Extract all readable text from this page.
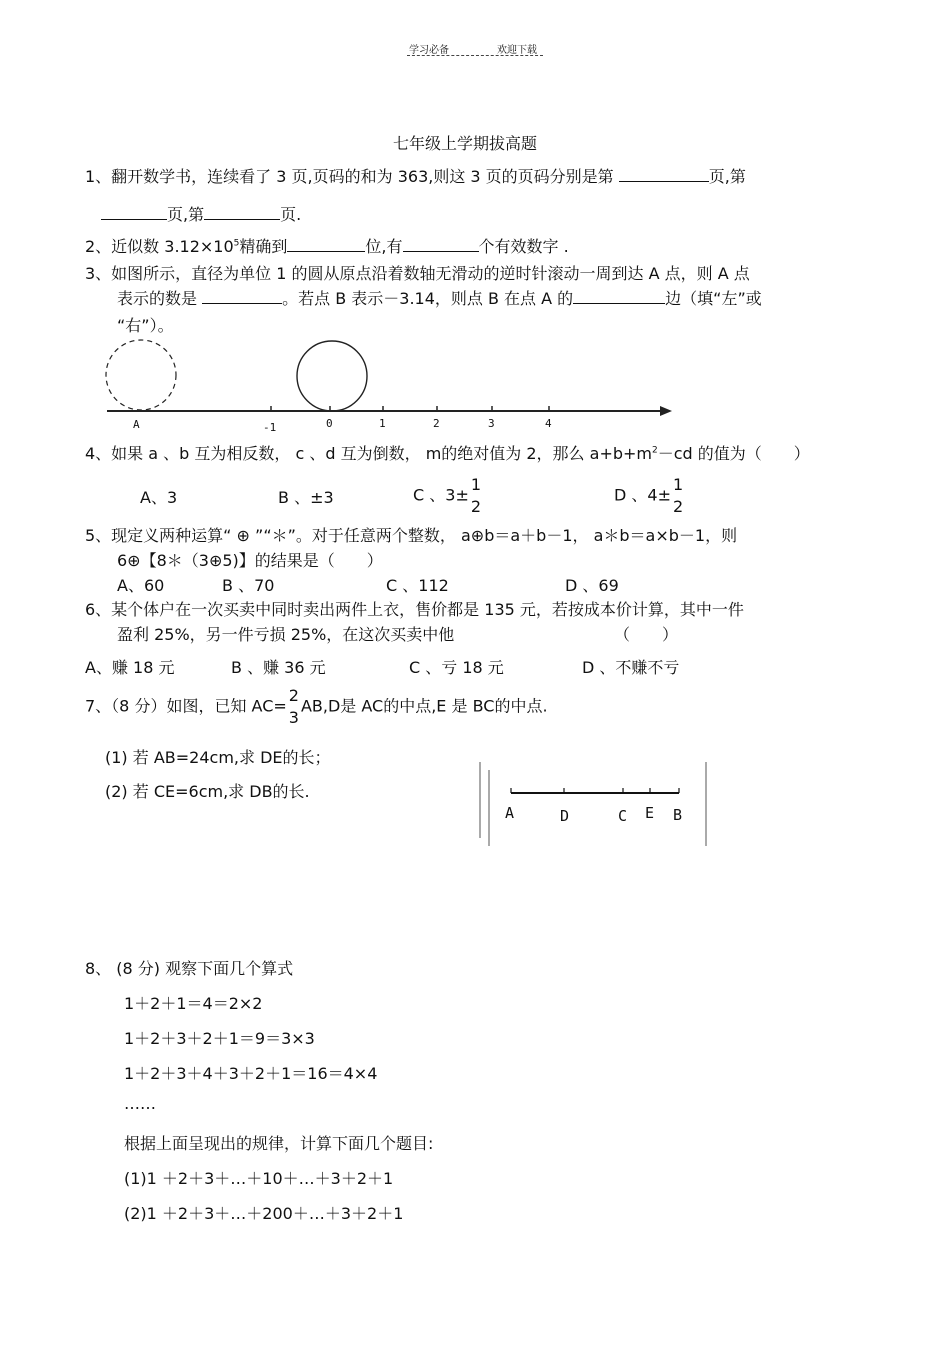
学习必备	欢迎下载
七年级上学期拔高题
1、翻开数学书，连续看了 3 页,页码的和为 363,则这 3 页的页码分别是第	页,第
页,第	页.
2、近似数 $3.12\times 10^5$精确到	位,有	个有效数字 .
3、如图所示，直径为单位 1 的圆从原点沿着数轴无滑动的逆时针滚动一周到达 A 点，则 A 点
表示的数是	。若点 B 表示－3.14，则点 B 在点 A 的	边（填“左”或
“右”）。
A	-1	0	1	2	3	4
4、如果 a 、b 互为相反数， c 、d 互为倒数， m的绝对值为 2，那么 $a+b+m^2-cd$ 的值为（　　）
A、3	B 、±3	C 、3±
1
2
D 、4±
1
2
5、现定义两种运算“ ⊕ ”“＊”。对于任意两个整数， a⊕b＝a＋b－1， a＊b＝a×b－1，则
6⊕【8＊（3⊕5)】的结果是（　　）
A、60	B 、70	C 、112	D 、69
6、某个体户在一次买卖中同时卖出两件上衣，售价都是 135 元，若按成本价计算，其中一件
盈利 25%，另一件亏损 25%，在这次买卖中他	（　　）
A、赚 18 元	B 、赚 36 元	C 、亏 18 元	D 、不赚不亏
7、（8 分）如图，已知 AC=
2
3
AB,D是 AC的中点,E 是 BC的中点.
(1) 若 AB=24cm,求 DE的长；
(2) 若 CE=6cm,求 DB的长.
A	D	C E B
8、 (8 分) 观察下面几个算式
1＋2＋1＝4＝2×2
1＋2＋3＋2＋1＝9＝3×3
1＋2＋3＋4＋3＋2＋1＝16＝4×4
……
根据上面呈现出的规律，计算下面几个题目:
(1)1 ＋2＋3＋…＋10＋…＋3＋2＋1
(2)1 ＋2＋3＋…＋200＋…＋3＋2＋1
